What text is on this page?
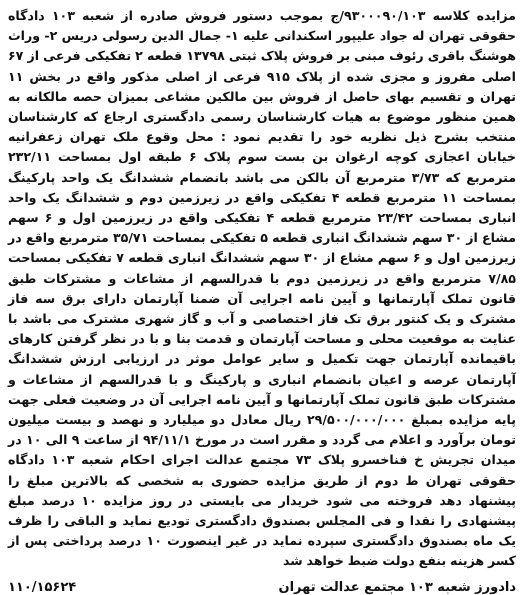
مزایده کلاسه ۹۳۰۰۰۹۰/۱۰۳/ج بموجب دستور فروش صادره از شعبه ۱۰۳ دادگاه حقوقی تهران له جواد علیپور اسکندانی علیه ۱- جمال الدین رسولی دریس ۲- وراث هوشنگ باقری رئوف مبنی بر فروش پلاک ثبتی ۱۳۷۹۸ قطعه ۲ تفکیکی فرعی از ۶۷ اصلی مفروز و مجزی شده از پلاک ۹۱۵ فرعی از اصلی مذکور واقع در بخش ۱۱ تهران و تقسیم بهای حاصل از فروش بین مالکین مشاعی بمیزان حصه مالکانه به همین منظور موضوع به هیات کارشناسان رسمی دادگستری ارجاع که کارشناسان منتخب بشرح ذیل نظریه خود را تقدیم نمود : محل وقوع ملک تهران زعفرانیه خیابان اعجازی کوچه ارغوان بن بست سوم پلاک ۶ طبقه اول بمساحت ۲۳۲/۱۱ مترمربع که ۳/۷۳ مترمربع آن بالکن می باشد بانضمام ششدانگ یک واحد پارکینگ بمساحت ۱۱ مترمربع قطعه ۴ تفکیکی واقع در زیرزمین دوم و ششدانگ یک واحد انباری بمساحت ۲۳/۴۲ مترمربع قطعه ۴ تفکیکی واقع در زیرزمین اول و ۶ سهم مشاع از ۳۰ سهم ششدانگ انباری قطعه ۵ تفکیکی بمساحت ۳۵/۷۱ مترمربع واقع در زیرزمین اول و ۶ سهم مشاع از ۳۰ سهم ششدانگ انباری قطعه ۷ تفکیکی بمساحت ۷/۸۵ مترمربع واقع در زیرزمین دوم با قدرالسهم از مشاعات و مشترکات طبق قانون تملک آپارتمانها و آیین نامه اجرایی آن ضمنا آپارتمان دارای برق سه فاز مشترک و یک کنتور برق تک فاز اختصاصی و آب و گاز شهری مشترک می باشد با عنایت به موقعیت محلی و مساحت آپارتمان و قدمت بنا و با در نظر گرفتن کارهای باقیمانده آپارتمان جهت تکمیل و سایر عوامل موثر در ارزیابی ارزش ششدانگ آپارتمان عرصه و اعیان بانضمام انباری و پارکینگ و با قدرالسهم از مشاعات و مشترکات طبق قانون تملک آپارتمانها و آیین نامه اجرایی آن در وضعیت فعلی جهت پایه مزایده بمبلغ ۲۹/۵۰۰/۰۰۰/۰۰۰ ریال معادل دو میلیارد و نهصد و بیست میلیون تومان برآورد و اعلام می گردد و مقرر است در مورخ ۹۴/۱۱/۱ از ساعت ۹ الی ۱۰ در میدان تجریش خ فناخسرو پلاک ۷۳ مجتمع عدالت اجرای احکام شعبه ۱۰۳ دادگاه حقوقی تهران ط دوم از طریق مزایده حضوری به شخصی که بالاترین مبلغ را پیشنهاد دهد فروخته می شود خریدار می بایستی در روز مزایده ۱۰ درصد مبلغ پیشنهادی را نقدا و فی المجلس بصندوق دادگستری تودیع نماید و الباقی را ظرف یک ماه بصندوق دادگستری سپرده نماید در غیر اینصورت ۱۰ درصد پرداختی پس از کسر هزینه بنفع دولت ضبط خواهد شد

دادورز شعبه ۱۰۳ مجتمع عدالت تهران
۱۱۰/۱۵۶۲۴
